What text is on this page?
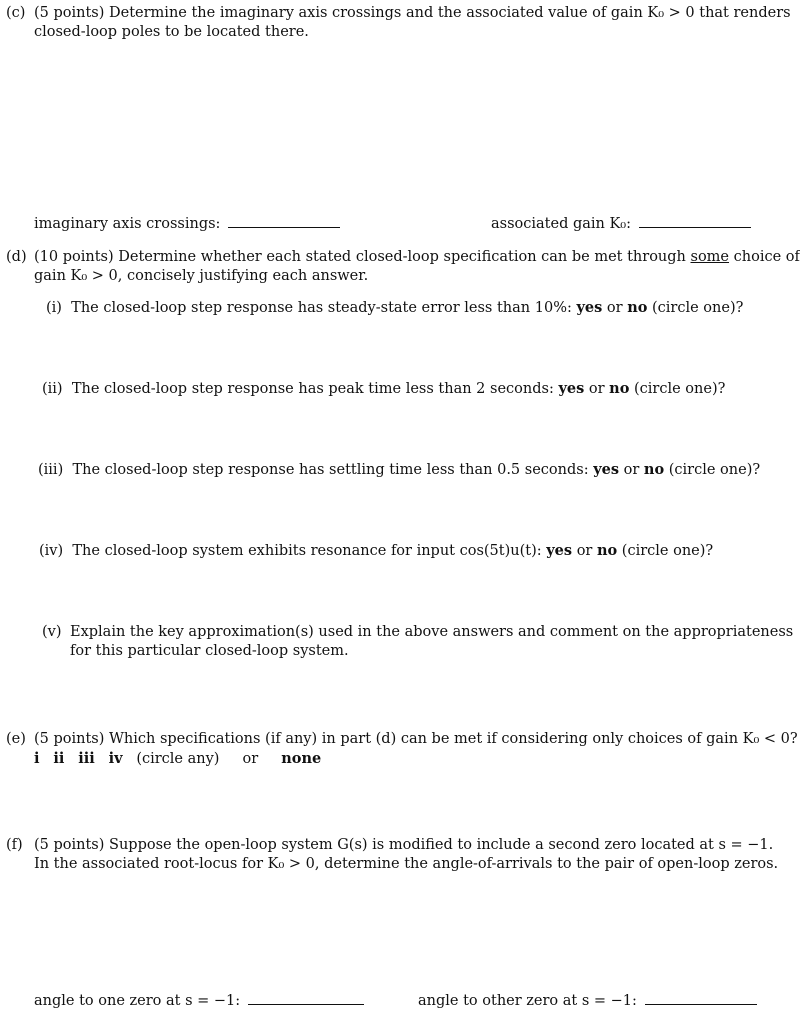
(c) (5 points) Determine the imaginary axis crossings and the associated value of gain K₀ > 0 that renders
closed-loop poles to be located there.
imaginary axis crossings:	associated gain K₀:
(d) (10 points) Determine whether each stated closed-loop specification can be met through some choice of
gain K₀ > 0, concisely justifying each answer.
(i) The closed-loop step response has steady-state error less than 10%: yes or no (circle one)?
(ii) The closed-loop step response has peak time less than 2 seconds: yes or no (circle one)?
(iii) The closed-loop step response has settling time less than 0.5 seconds: yes or no (circle one)?
(iv) The closed-loop system exhibits resonance for input cos(5t)u(t): yes or no (circle one)?
(v) Explain the key approximation(s) used in the above answers and comment on the appropriateness
for this particular closed-loop system.
(e) (5 points) Which specifications (if any) in part (d) can be met if considering only choices of gain K₀ < 0?
i ii iii iv (circle any) or none
(f) (5 points) Suppose the open-loop system G(s) is modified to include a second zero located at s = −1.
In the associated root-locus for K₀ > 0, determine the angle-of-arrivals to the pair of open-loop zeros.
angle to one zero at s = −1:	angle to other zero at s = −1:
